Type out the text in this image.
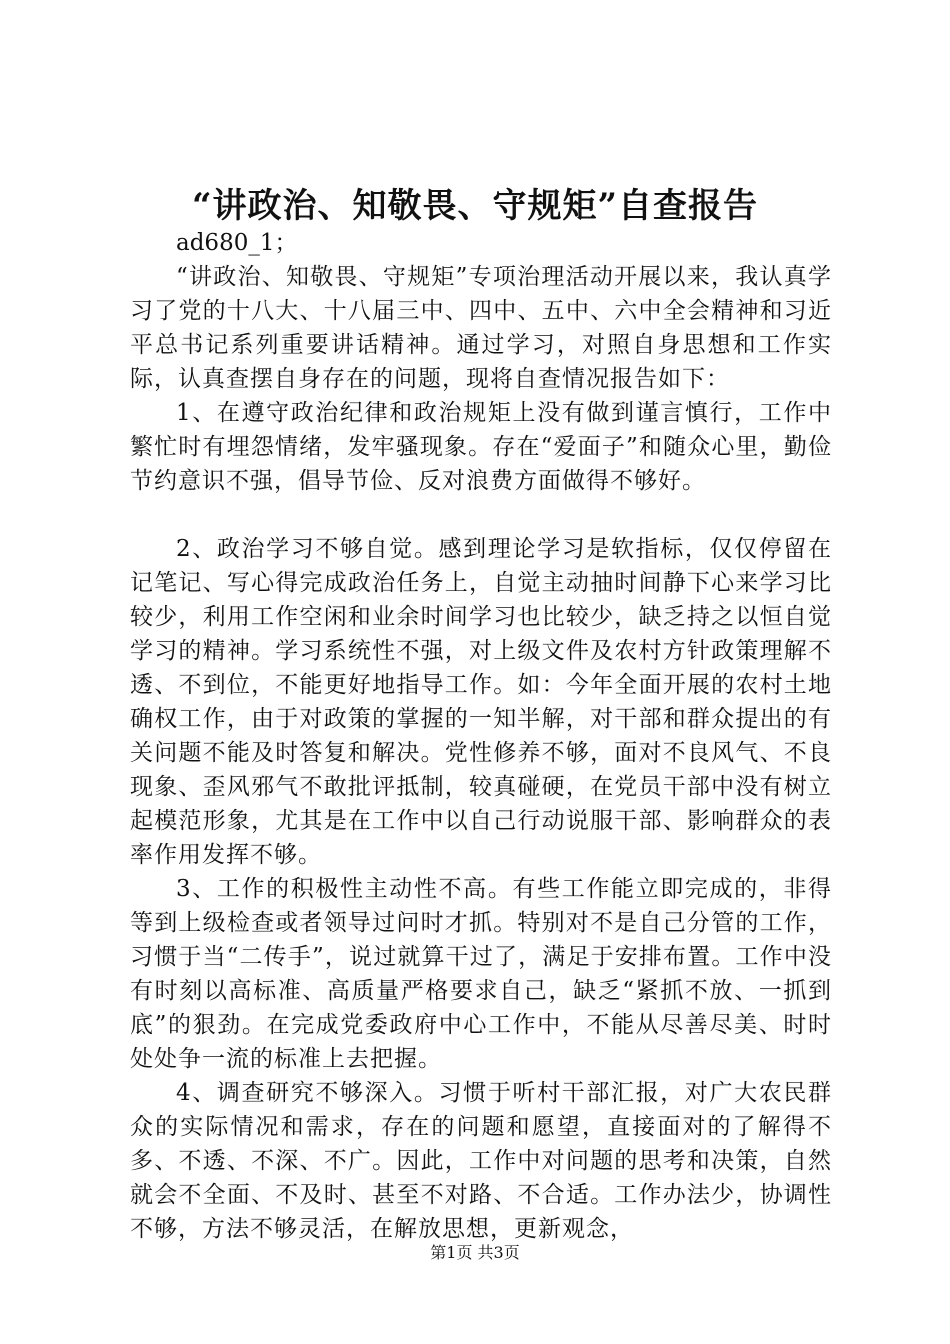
“讲政治、知敬畏、守规矩”自查报告

ad680_1；

“讲政治、知敬畏、守规矩”专项治理活动开展以来，我认真学习了党的十八大、十八届三中、四中、五中、六中全会精神和习近平总书记系列重要讲话精神。通过学习，对照自身思想和工作实际，认真查摆自身存在的问题，现将自查情况报告如下：

1、在遵守政治纪律和政治规矩上没有做到谨言慎行，工作中繁忙时有埋怨情绪，发牢骚现象。存在“爱面子”和随众心里，勤俭节约意识不强，倡导节俭、反对浪费方面做得不够好。

2、政治学习不够自觉。感到理论学习是软指标，仅仅停留在记笔记、写心得完成政治任务上，自觉主动抽时间静下心来学习比较少，利用工作空闲和业余时间学习也比较少，缺乏持之以恒自觉学习的精神。学习系统性不强，对上级文件及农村方针政策理解不透、不到位，不能更好地指导工作。如：今年全面开展的农村土地确权工作，由于对政策的掌握的一知半解，对干部和群众提出的有关问题不能及时答复和解决。党性修养不够，面对不良风气、不良现象、歪风邪气不敢批评抵制，较真碰硬，在党员干部中没有树立起模范形象，尤其是在工作中以自己行动说服干部、影响群众的表率作用发挥不够。

3、工作的积极性主动性不高。有些工作能立即完成的，非得等到上级检查或者领导过问时才抓。特别对不是自己分管的工作，习惯于当“二传手”，说过就算干过了，满足于安排布置。工作中没有时刻以高标准、高质量严格要求自己，缺乏“紧抓不放、一抓到底”的狠劲。在完成党委政府中心工作中，不能从尽善尽美、时时处处争一流的标准上去把握。

4、调查研究不够深入。习惯于听村干部汇报，对广大农民群众的实际情况和需求，存在的问题和愿望，直接面对的了解得不多、不透、不深、不广。因此，工作中对问题的思考和决策，自然就会不全面、不及时、甚至不对路、不合适。工作办法少，协调性不够，方法不够灵活，在解放思想，更新观念，

第1页 共3页
